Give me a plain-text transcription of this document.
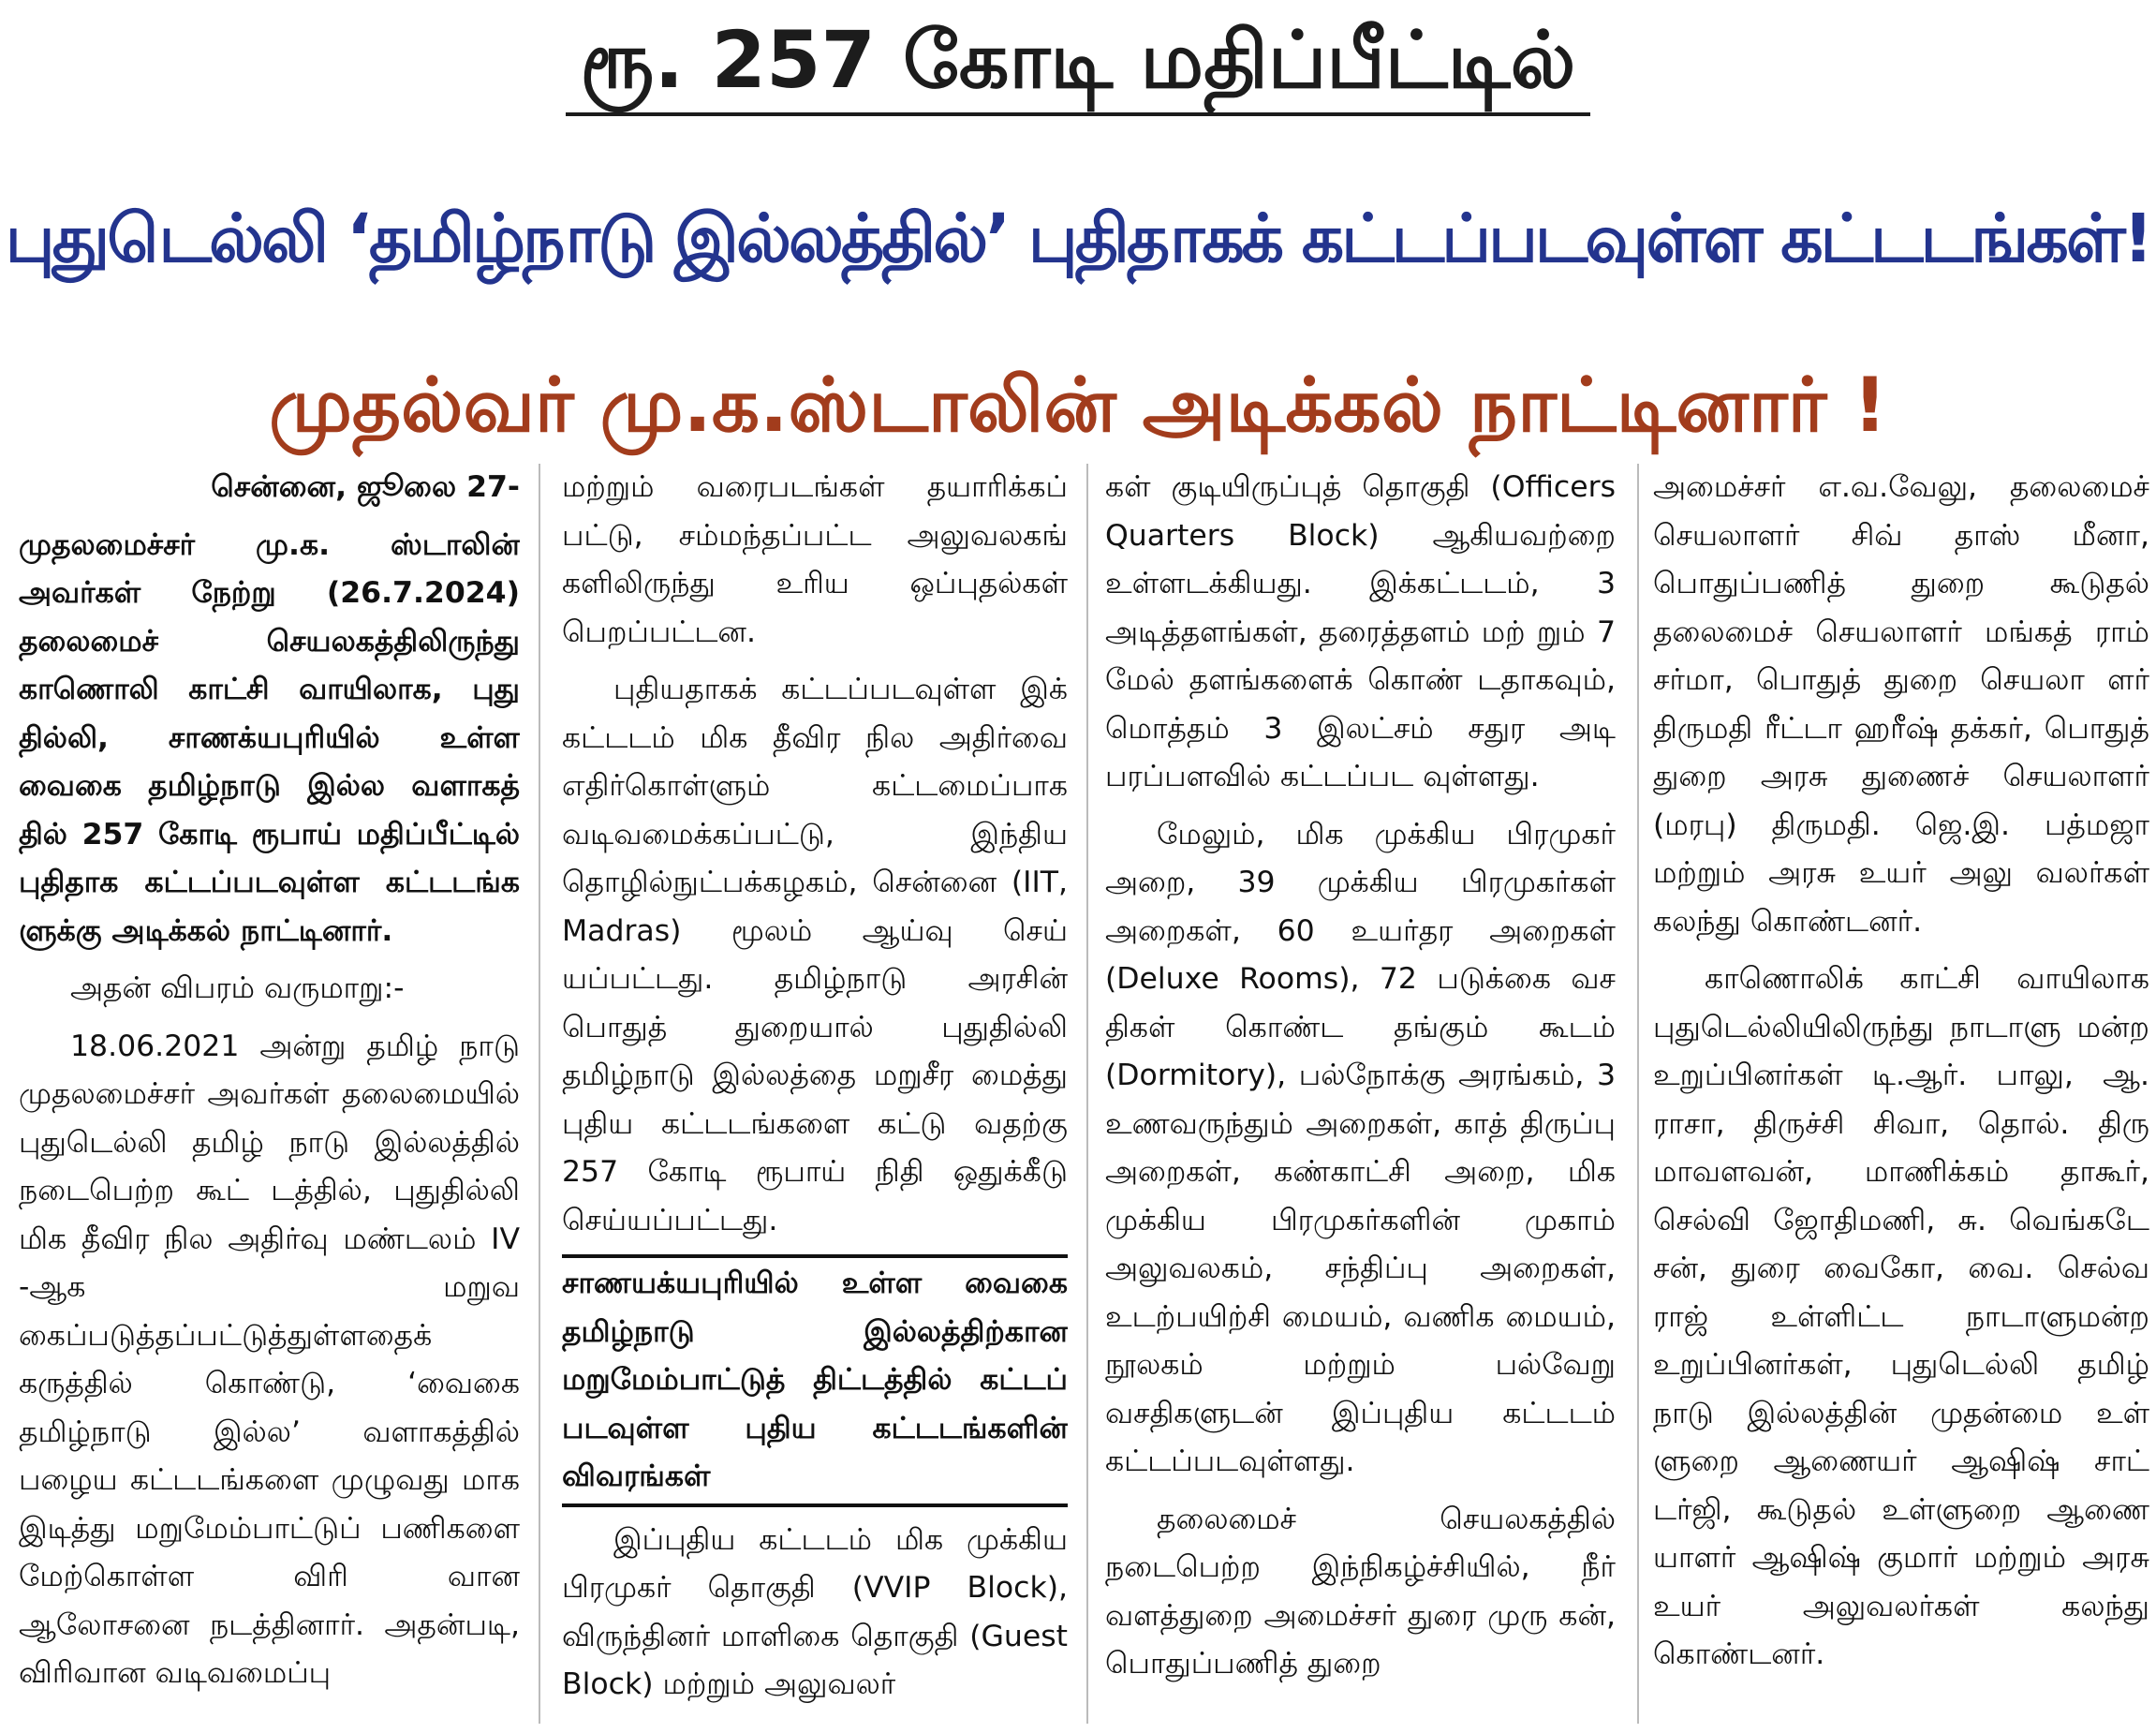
ரூ. 257 கோடி மதிப்பீட்டில்
புதுடெல்லி ‘தமிழ்நாடு இல்லத்தில்’ புதிதாகக் கட்டப்படவுள்ள கட்டடங்கள்!
முதல்வர் மு.க.ஸ்டாலின் அடிக்கல் நாட்டினார் !

சென்னை, ஜூலை 27-

முதலமைச்சர் மு.க. ஸ்டாலின் அவர்கள் நேற்று (26.7.2024) தலைமைச் செயலகத்திலிருந்து காணொலி காட்சி வாயிலாக, புது தில்லி, சாணக்யபுரியில் உள்ள வைகை தமிழ்நாடு இல்ல வளாகத் தில் 257 கோடி ரூபாய் மதிப்பீட்டில் புதிதாக கட்டப்படவுள்ள கட்டடங்க ளுக்கு அடிக்கல் நாட்டினார்.

அதன் விபரம் வருமாறு:-

18.06.2021 அன்று தமிழ் நாடு முதலமைச்சர் அவர்கள் தலைமையில் புதுடெல்லி தமிழ் நாடு இல்லத்தில் நடைபெற்ற கூட் டத்தில், புதுதில்லி மிக தீவிர நில அதிர்வு மண்டலம் IV -ஆக மறுவ கைப்படுத்தப்பட்டுத்துள்ளதைக் கருத்தில் கொண்டு, ‘வைகை தமிழ்நாடு இல்ல’ வளாகத்தில் பழைய கட்டடங்களை முழுவது மாக இடித்து மறுமேம்பாட்டுப் பணிகளை மேற்கொள்ள விரி வான ஆலோசனை நடத்தினார். அதன்படி, விரிவான வடிவமைப்பு

மற்றும் வரைபடங்கள் தயாரிக்கப் பட்டு, சம்மந்தப்பட்ட அலுவலகங் களிலிருந்து உரிய ஒப்புதல்கள் பெறப்பட்டன.

புதியதாகக் கட்டப்படவுள்ள இக் கட்டடம் மிக தீவிர நில அதிர்வை எதிர்கொள்ளும் கட்டமைப்பாக வடிவமைக்கப்பட்டு, இந்திய தொழில்நுட்பக்கழகம், சென்னை (IIT, Madras) மூலம் ஆய்வு செய் யப்பட்டது. தமிழ்நாடு அரசின் பொதுத் துறையால் புதுதில்லி தமிழ்நாடு இல்லத்தை மறுசீர மைத்து புதிய கட்டடங்களை கட்டு வதற்கு 257 கோடி ரூபாய் நிதி ஒதுக்கீடு செய்யப்பட்டது.

சாணயக்யபுரியில் உள்ள வைகை தமிழ்நாடு இல்லத்திற்கான மறுமேம்பாட்டுத் திட்டத்தில் கட்டப் படவுள்ள புதிய கட்டடங்களின் விவரங்கள்

இப்புதிய கட்டடம் மிக முக்கிய பிரமுகர் தொகுதி (VVIP Block), விருந்தினர் மாளிகை தொகுதி (Guest Block) மற்றும் அலுவலர்

கள் குடியிருப்புத் தொகுதி (Officers Quarters Block) ஆகியவற்றை உள்ளடக்கியது. இக்கட்டடம், 3 அடித்தளங்கள், தரைத்தளம் மற் றும் 7 மேல் தளங்களைக் கொண் டதாகவும், மொத்தம் 3 இலட்சம் சதுர அடி பரப்பளவில் கட்டப்பட வுள்ளது.

மேலும், மிக முக்கிய பிரமுகர் அறை, 39 முக்கிய பிரமுகர்கள் அறைகள், 60 உயர்தர அறைகள் (Deluxe Rooms), 72 படுக்கை வச திகள் கொண்ட தங்கும் கூடம் (Dormitory), பல்நோக்கு அரங்கம், 3 உணவருந்தும் அறைகள், காத் திருப்பு அறைகள், கண்காட்சி அறை, மிக முக்கிய பிரமுகர்களின் முகாம் அலுவலகம், சந்திப்பு அறைகள், உடற்பயிற்சி மையம், வணிக மையம், நூலகம் மற்றும் பல்வேறு வசதிகளுடன் இப்புதிய கட்டடம் கட்டப்படவுள்ளது.

தலைமைச் செயலகத்தில் நடைபெற்ற இந்நிகழ்ச்சியில், நீர் வளத்துறை அமைச்சர் துரை முரு கன், பொதுப்பணித் துறை

அமைச்சர் எ.வ.வேலு, தலைமைச் செயலாளர் சிவ் தாஸ் மீனா, பொதுப்பணித் துறை கூடுதல் தலைமைச் செயலாளர் மங்கத் ராம் சர்மா, பொதுத் துறை செயலா ளர் திருமதி ரீட்டா ஹரீஷ் தக்கர், பொதுத் துறை அரசு துணைச் செயலாளர் (மரபு) திருமதி. ஜெ.இ. பத்மஜா மற்றும் அரசு உயர் அலு வலர்கள் கலந்து கொண்டனர்.

காணொலிக் காட்சி வாயிலாக புதுடெல்லியிலிருந்து நாடாளு மன்ற உறுப்பினர்கள் டி.ஆர். பாலு, ஆ. ராசா, திருச்சி சிவா, தொல். திரு மாவளவன், மாணிக்கம் தாகூர், செல்வி ஜோதிமணி, சு. வெங்கடே சன், துரை வைகோ, வை. செல்வ ராஜ் உள்ளிட்ட நாடாளுமன்ற உறுப்பினர்கள், புதுடெல்லி தமிழ் நாடு இல்லத்தின் முதன்மை உள் ளுறை ஆணையர் ஆஷிஷ் சாட் டர்ஜி, கூடுதல் உள்ளுறை ஆணை யாளர் ஆஷிஷ் குமார் மற்றும் அரசு உயர் அலுவலர்கள் கலந்து கொண்டனர்.
